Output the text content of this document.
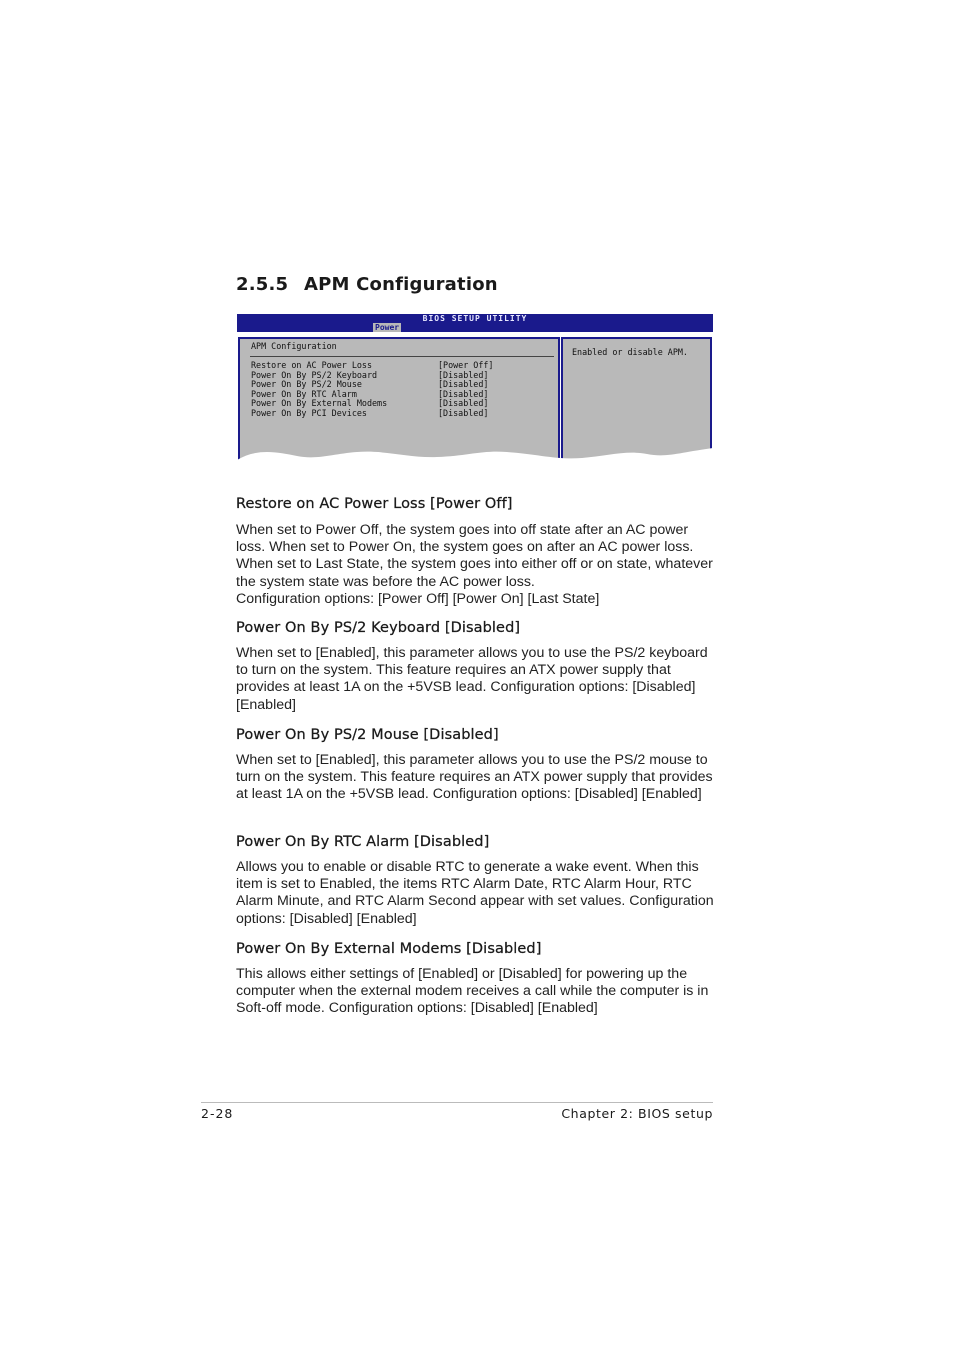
2.5.5 APM Configuration
BIOS SETUP UTILITY
Power
APM Configuration
Restore on AC Power Loss	[Power Off]
Power On By PS/2 Keyboard	[Disabled]
Power On By PS/2 Mouse	[Disabled]
Power On By RTC Alarm	[Disabled]
Power On By External Modems	[Disabled]
Power On By PCI Devices	[Disabled]
Enabled or disable APM.
Restore on AC Power Loss [Power Off]

When set to Power Off, the system goes into off state after an AC power loss. When set to Power On, the system goes on after an AC power loss. When set to Last State, the system goes into either off or on state, whatever the system state was before the AC power loss.

Configuration options: [Power Off] [Power On] [Last State]

Power On By PS/2 Keyboard [Disabled]

When set to [Enabled], this parameter allows you to use the PS/2 keyboard to turn on the system. This feature requires an ATX power supply that provides at least 1A on the +5VSB lead. Configuration options: [Disabled] [Enabled]

Power On By PS/2 Mouse [Disabled]

When set to [Enabled], this parameter allows you to use the PS/2 mouse to turn on the system. This feature requires an ATX power supply that provides at least 1A on the +5VSB lead. Configuration options: [Disabled] [Enabled]

Power On By RTC Alarm [Disabled]

Allows you to enable or disable RTC to generate a wake event. When this item is set to Enabled, the items RTC Alarm Date, RTC Alarm Hour, RTC Alarm Minute, and RTC Alarm Second appear with set values. Configuration options: [Disabled] [Enabled]

Power On By External Modems [Disabled]

This allows either settings of [Enabled] or [Disabled] for powering up the computer when the external modem receives a call while the computer is in Soft-off mode. Configuration options: [Disabled] [Enabled]

2-28	Chapter 2: BIOS setup
